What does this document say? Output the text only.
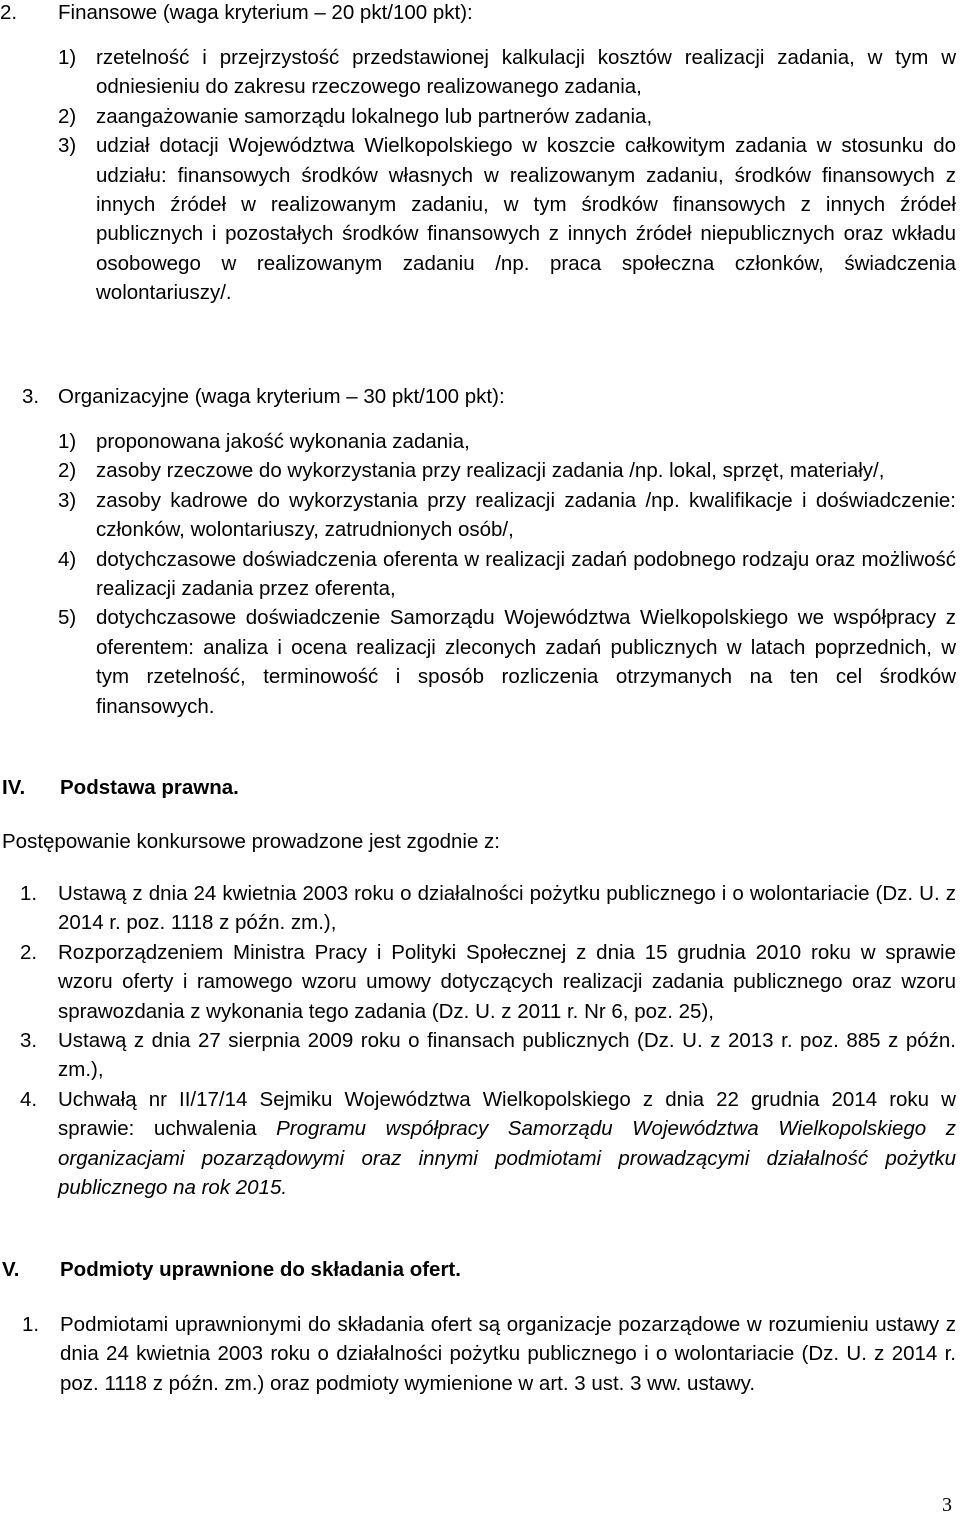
2.	Finansowe (waga kryterium – 20 pkt/100 pkt):
1) rzetelność i przejrzystość przedstawionej kalkulacji kosztów realizacji zadania, w tym w odniesieniu do zakresu rzeczowego realizowanego zadania,

2) zaangażowanie samorządu lokalnego lub partnerów zadania,

3) udział dotacji Województwa Wielkopolskiego w koszcie całkowitym zadania w stosunku do udziału: finansowych środków własnych w realizowanym zadaniu, środków finansowych z innych źródeł w realizowanym zadaniu, w tym środków finansowych z innych źródeł publicznych i pozostałych środków finansowych z innych źródeł niepublicznych oraz wkładu osobowego w realizowanym zadaniu /np. praca społeczna członków, świadczenia wolontariuszy/.

3. Organizacyjne (waga kryterium – 30 pkt/100 pkt):
1) proponowana jakość wykonania zadania,

2) zasoby rzeczowe do wykorzystania przy realizacji zadania /np. lokal, sprzęt, materiały/,

3) zasoby kadrowe do wykorzystania przy realizacji zadania /np. kwalifikacje i doświadczenie: członków, wolontariuszy, zatrudnionych osób/,

4) dotychczasowe doświadczenia oferenta w realizacji zadań podobnego rodzaju oraz możliwość realizacji zadania przez oferenta,

5) dotychczasowe doświadczenie Samorządu Województwa Wielkopolskiego we współpracy z oferentem: analiza i ocena realizacji zleconych zadań publicznych w latach poprzednich, w tym rzetelność, terminowość i sposób rozliczenia otrzymanych na ten cel środków finansowych.

IV.	Podstawa prawna.

Postępowanie konkursowe prowadzone jest zgodnie z:

1.	Ustawą z dnia 24 kwietnia 2003 roku o działalności pożytku publicznego i o wolontariacie (Dz. U. z 2014 r. poz. 1118 z późn. zm.),

2.	Rozporządzeniem Ministra Pracy i Polityki Społecznej z dnia 15 grudnia 2010 roku w sprawie wzoru oferty i ramowego wzoru umowy dotyczących realizacji zadania publicznego oraz wzoru sprawozdania z wykonania tego zadania (Dz. U. z 2011 r. Nr 6, poz. 25),

3.	Ustawą z dnia 27 sierpnia 2009 roku o finansach publicznych (Dz. U. z 2013 r. poz. 885 z późn. zm.),

4.	Uchwałą nr II/17/14 Sejmiku Województwa Wielkopolskiego z dnia 22 grudnia 2014 roku w sprawie: uchwalenia Programu współpracy Samorządu Województwa Wielkopolskiego z organizacjami pozarządowymi oraz innymi podmiotami prowadzącymi działalność pożytku publicznego na rok 2015.

V.	Podmioty uprawnione do składania ofert.
1.	Podmiotami uprawnionymi do składania ofert są organizacje pozarządowe w rozumieniu ustawy z dnia 24 kwietnia 2003 roku o działalności pożytku publicznego i o wolontariacie (Dz. U. z 2014 r. poz. 1118 z późn. zm.) oraz podmioty wymienione w art. 3 ust. 3 ww. ustawy.

3
